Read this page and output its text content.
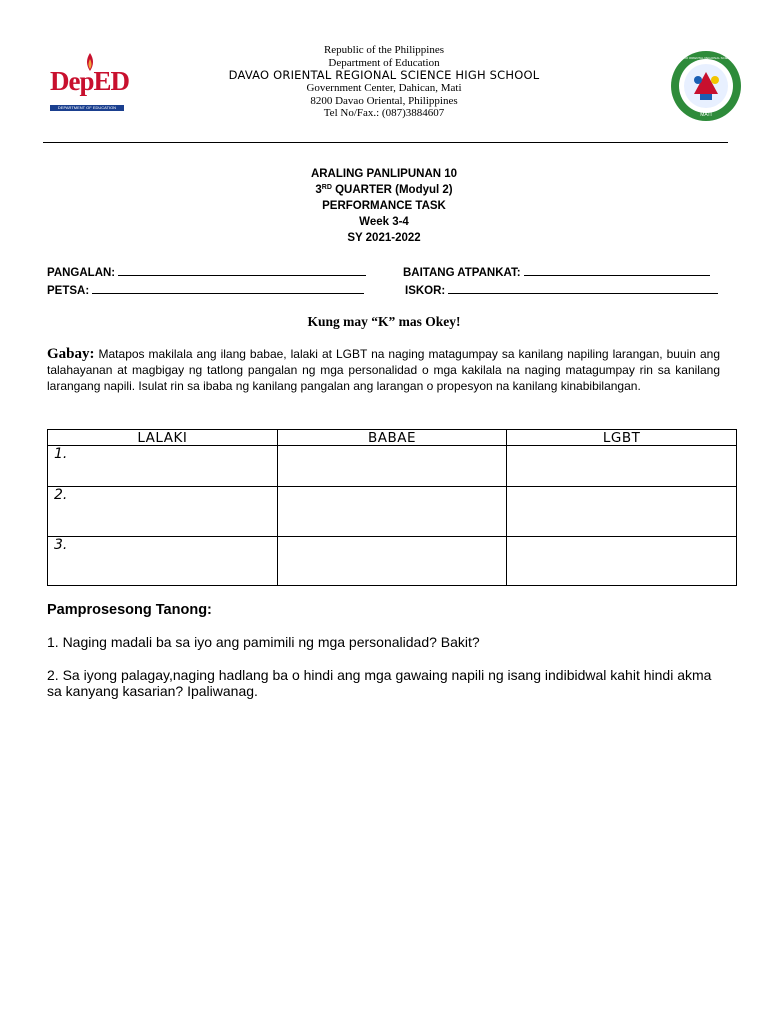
DepED
DEPARTMENT OF EDUCATION
DAVAO ORIENTAL REGIONAL SCIENCE HIGH SCHOOL
MATI
Republic of the Philippines
Department of Education
DAVAO ORIENTAL REGIONAL SCIENCE HIGH SCHOOL
Government Center, Dahican, Mati
8200 Davao Oriental, Philippines
Tel No/Fax.: (087)3884607
ARALING PANLIPUNAN 10
3RD QUARTER (Modyul 2)
PERFORMANCE TASK
Week 3-4
SY 2021-2022
PANGALAN:	BAITANG ATPANKAT:
PETSA:	ISKOR:
Kung may “K” mas Okey!
Gabay: Matapos makilala ang ilang babae, lalaki at LGBT na naging matagumpay sa kanilang napiling larangan, buuin ang talahayanan at magbigay ng tatlong pangalan ng mga personalidad o mga kakilala na naging matagumpay rin sa kanilang larangang napili. Isulat rin sa ibaba ng kanilang pangalan ang larangan o propesyon na kanilang kinabibilangan.
LALAKI	BABAE	LGBT

1.		

2.		

3.		

Pamprosesong Tanong:
1. Naging madali ba sa iyo ang pamimili ng mga personalidad? Bakit?
2. Sa iyong palagay,naging hadlang ba o hindi ang mga gawaing napili ng isang indibidwal kahit hindi akma sa kanyang kasarian? Ipaliwanag.
